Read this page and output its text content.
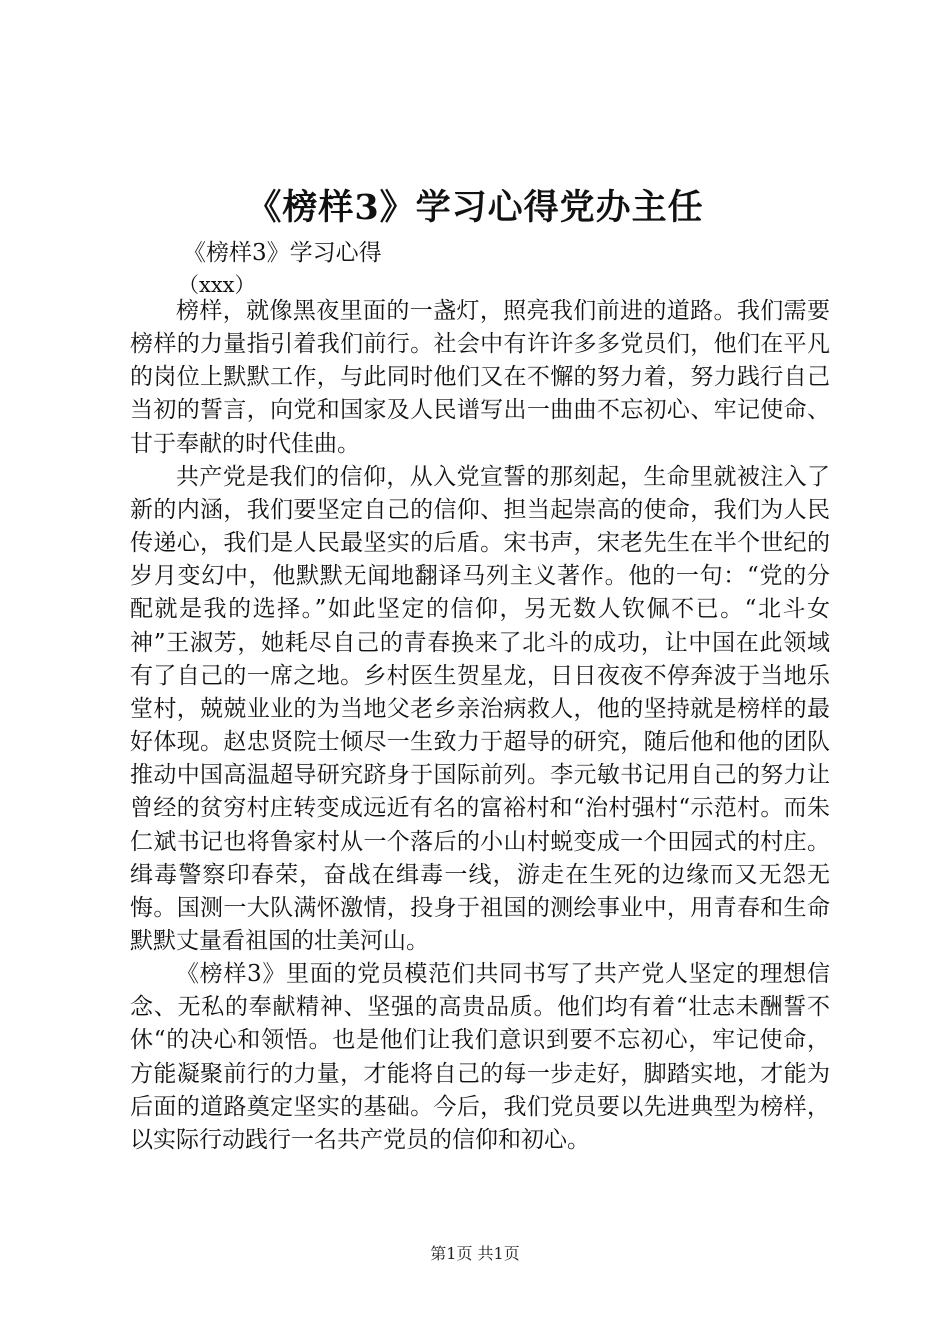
《榜样3》学习心得党办主任
《榜样3》学习心得
（xxx）

榜样，就像黑夜里面的一盏灯，照亮我们前进的道路。我们需要榜样的力量指引着我们前行。社会中有许许多多党员们，他们在平凡的岗位上默默工作，与此同时他们又在不懈的努力着，努力践行自己当初的誓言，向党和国家及人民谱写出一曲曲不忘初心、牢记使命、甘于奉献的时代佳曲。

共产党是我们的信仰，从入党宣誓的那刻起，生命里就被注入了新的内涵，我们要坚定自己的信仰、担当起崇高的使命，我们为人民传递心，我们是人民最坚实的后盾。宋书声，宋老先生在半个世纪的岁月变幻中，他默默无闻地翻译马列主义著作。他的一句：“党的分配就是我的选择。”如此坚定的信仰，另无数人钦佩不已。“北斗女神”王淑芳，她耗尽自己的青春换来了北斗的成功，让中国在此领域有了自己的一席之地。乡村医生贺星龙，日日夜夜不停奔波于当地乐堂村，兢兢业业的为当地父老乡亲治病救人，他的坚持就是榜样的最好体现。赵忠贤院士倾尽一生致力于超导的研究，随后他和他的团队推动中国高温超导研究跻身于国际前列。李元敏书记用自己的努力让曾经的贫穷村庄转变成远近有名的富裕村和“治村强村“示范村。而朱仁斌书记也将鲁家村从一个落后的小山村蜕变成一个田园式的村庄。缉毒警察印春荣，奋战在缉毒一线，游走在生死的边缘而又无怨无悔。国测一大队满怀激情，投身于祖国的测绘事业中，用青春和生命默默丈量看祖国的壮美河山。

《榜样3》里面的党员模范们共同书写了共产党人坚定的理想信念、无私的奉献精神、坚强的高贵品质。他们均有着“壮志未酬誓不休“的决心和领悟。也是他们让我们意识到要不忘初心，牢记使命，方能凝聚前行的力量，才能将自己的每一步走好，脚踏实地，才能为后面的道路奠定坚实的基础。今后，我们党员要以先进典型为榜样，以实际行动践行一名共产党员的信仰和初心。

第1页 共1页
